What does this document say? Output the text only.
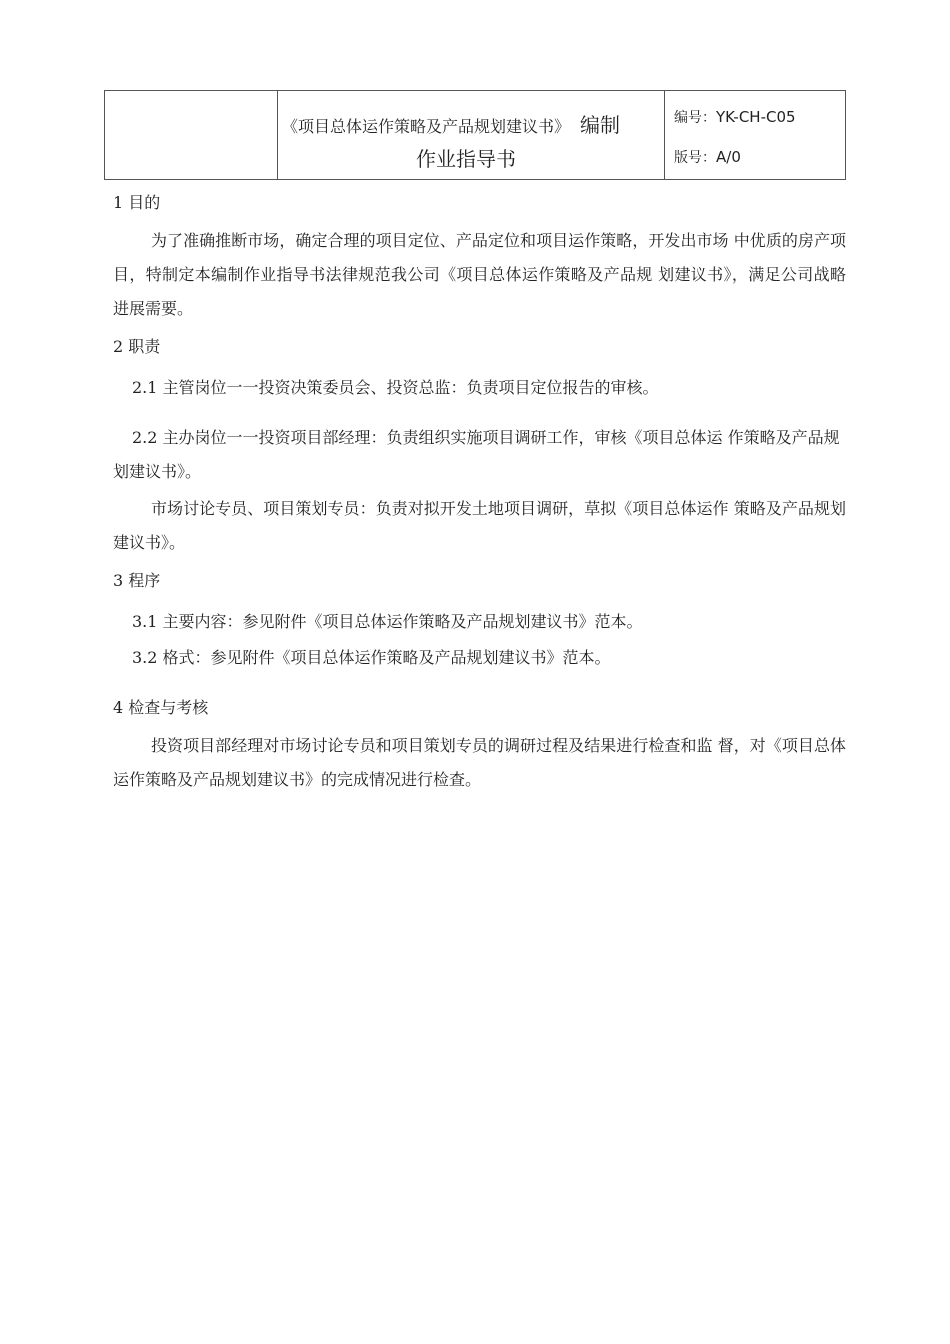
《项目总体运作策略及产品规划建议书》 编制
作业指导书
编号：YK-CH-C05
版号：A/0
1 目的

为了准确推断市场，确定合理的项目定位、产品定位和项目运作策略，开发出市场 中优质的房产项目，特制定本编制作业指导书法律规范我公司《项目总体运作策略及产品规 划建议书》，满足公司战略进展需要。

2 职责

2.1 主管岗位一一投资决策委员会、投资总监：负责项目定位报告的审核。

2.2 主办岗位一一投资项目部经理：负责组织实施项目调研工作，审核《项目总体运 作策略及产品规划建议书》。

市场讨论专员、项目策划专员：负责对拟开发土地项目调研，草拟《项目总体运作 策略及产品规划建议书》。

3 程序

3.1 主要内容：参见附件《项目总体运作策略及产品规划建议书》范本。

3.2 格式：参见附件《项目总体运作策略及产品规划建议书》范本。

4 检查与考核

投资项目部经理对市场讨论专员和项目策划专员的调研过程及结果进行检查和监 督，对《项目总体运作策略及产品规划建议书》的完成情况进行检查。
